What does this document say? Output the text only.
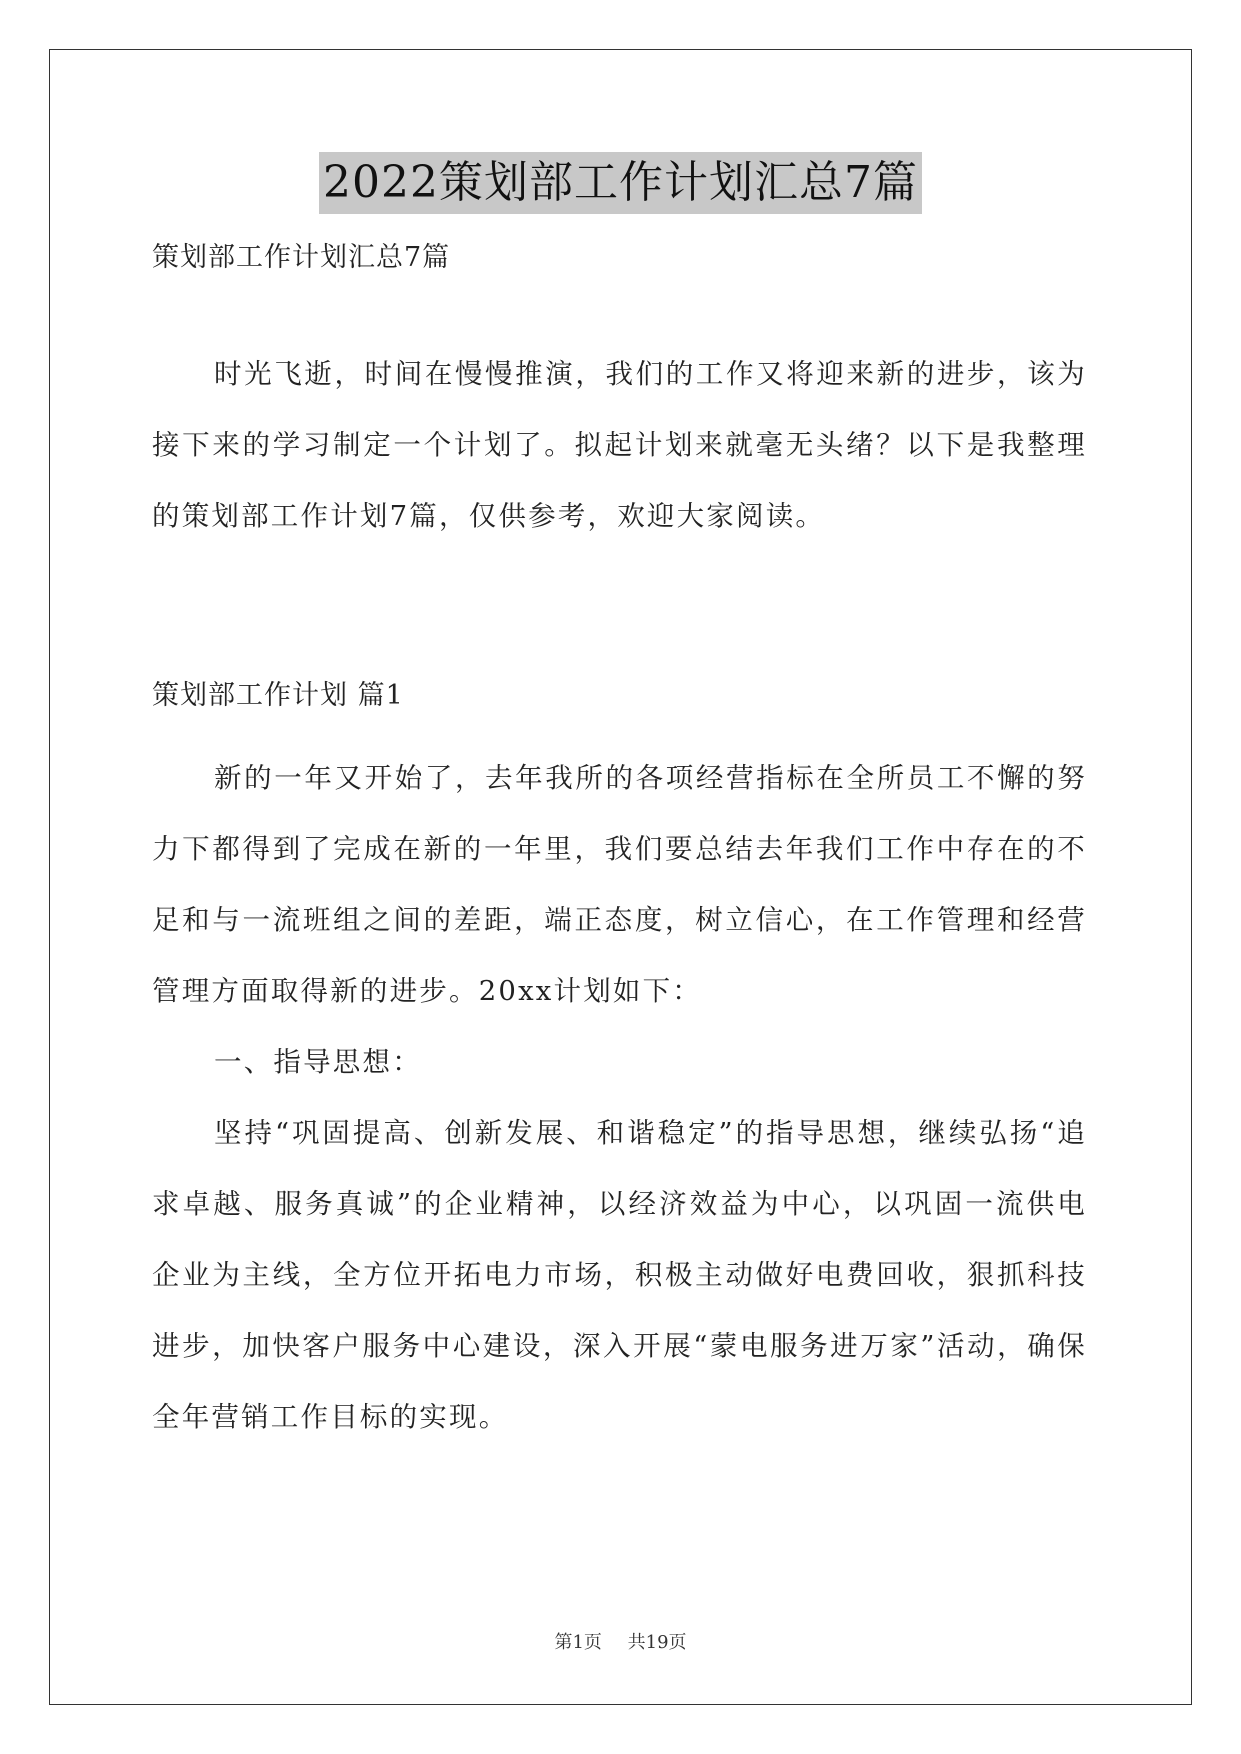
2022策划部工作计划汇总7篇
策划部工作计划汇总7篇

时光飞逝，时间在慢慢推演，我们的工作又将迎来新的进步，该为接下来的学习制定一个计划了。拟起计划来就毫无头绪？以下是我整理的策划部工作计划7篇，仅供参考，欢迎大家阅读。

策划部工作计划 篇1

新的一年又开始了，去年我所的各项经营指标在全所员工不懈的努力下都得到了完成在新的一年里，我们要总结去年我们工作中存在的不足和与一流班组之间的差距，端正态度，树立信心，在工作管理和经营管理方面取得新的进步。20xx计划如下：

一、指导思想：

坚持“巩固提高、创新发展、和谐稳定”的指导思想，继续弘扬“追求卓越、服务真诚”的企业精神，以经济效益为中心，以巩固一流供电企业为主线，全方位开拓电力市场，积极主动做好电费回收，狠抓科技进步，加快客户服务中心建设，深入开展“蒙电服务进万家”活动，确保全年营销工作目标的实现。

第1页 共19页
